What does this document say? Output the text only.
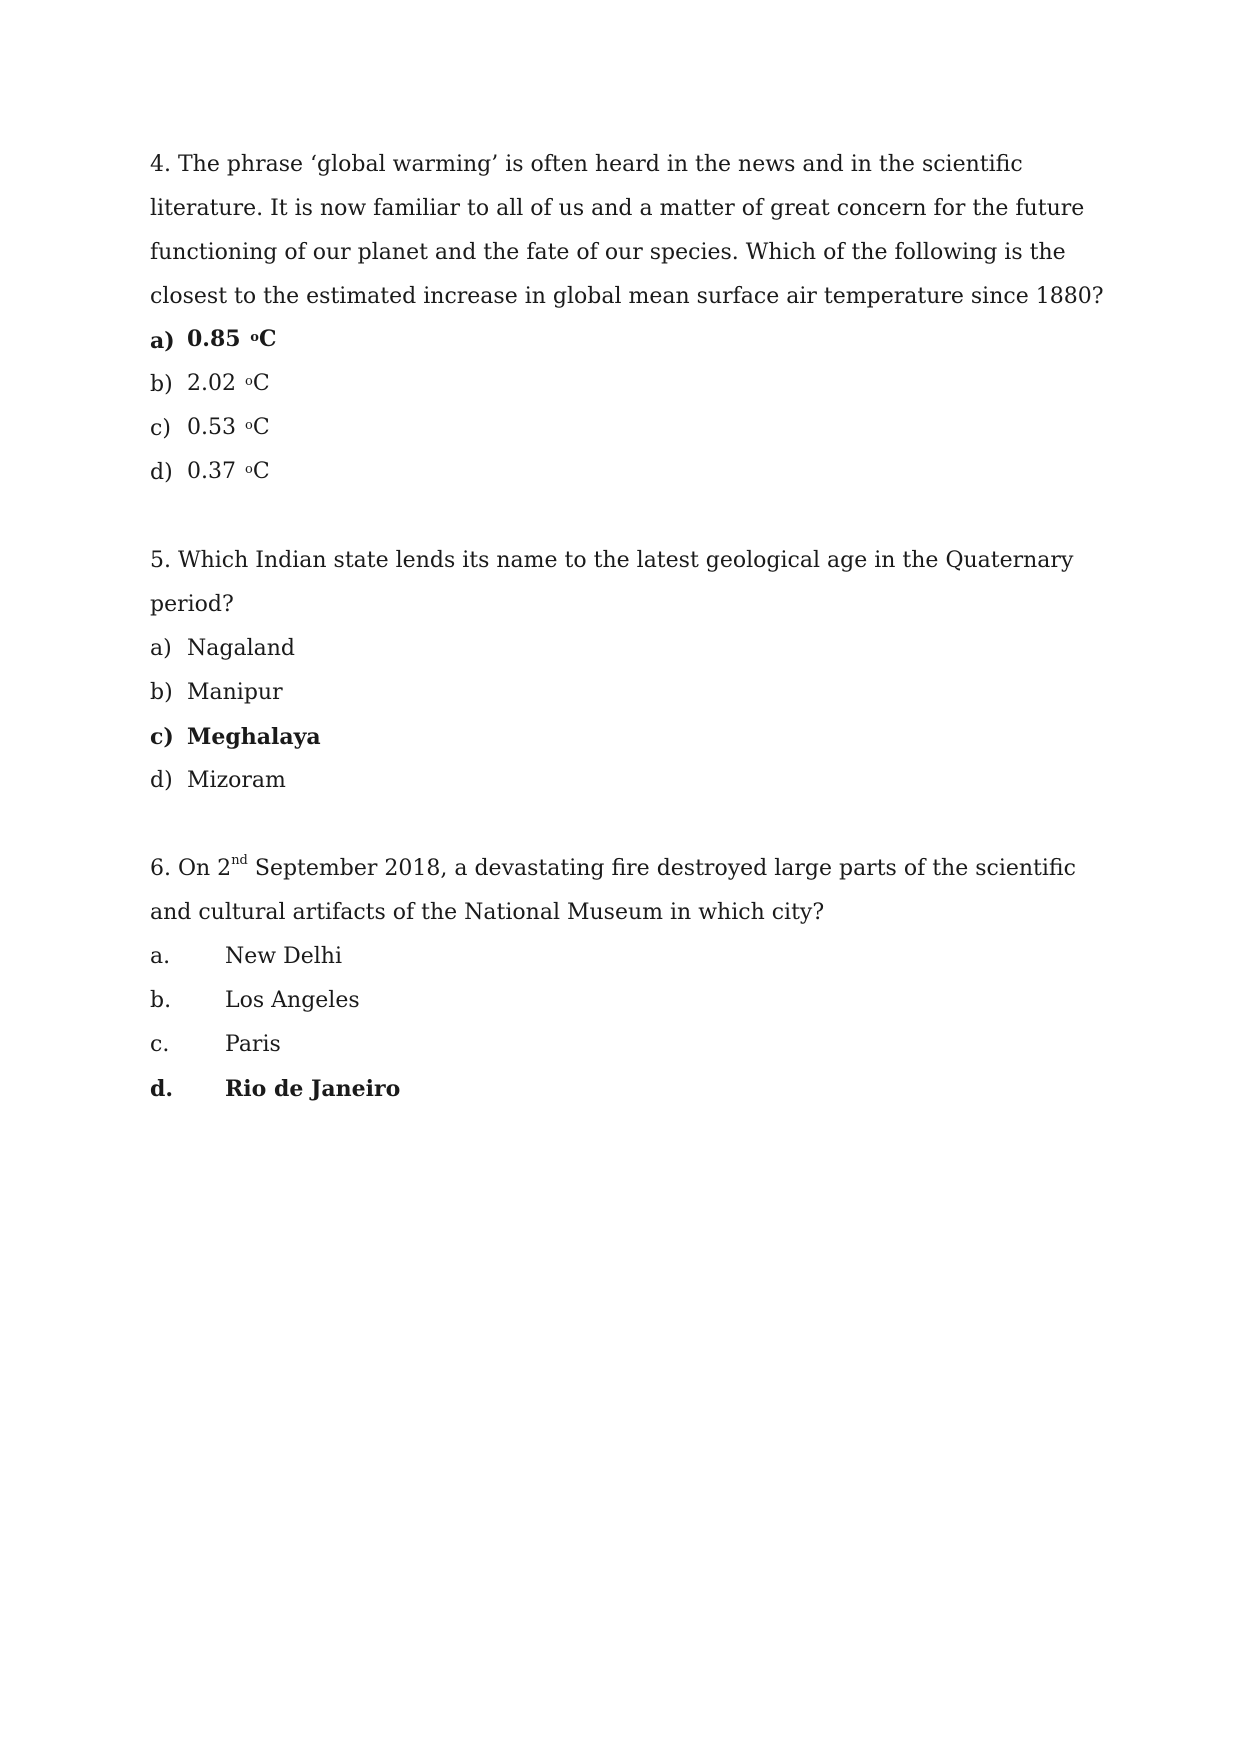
4. The phrase ‘global warming’ is often heard in the news and in the scientific literature. It is now familiar to all of us and a matter of great concern for the future functioning of our planet and the fate of our species. Which of the following is the closest to the estimated increase in global mean surface air temperature since 1880?

a) 0.85 $^o$C
b) 2.02 $^o$C
c) 0.53 $^o$C
d) 0.37 $^o$C

5. Which Indian state lends its name to the latest geological age in the Quaternary period?

a) Nagaland
b) Manipur
c) Meghalaya
d) Mizoram

6. On 2nd September 2018, a devastating fire destroyed large parts of the scientific and cultural artifacts of the National Museum in which city?

a.	New Delhi
b.	Los Angeles
c.	Paris
d.	Rio de Janeiro
